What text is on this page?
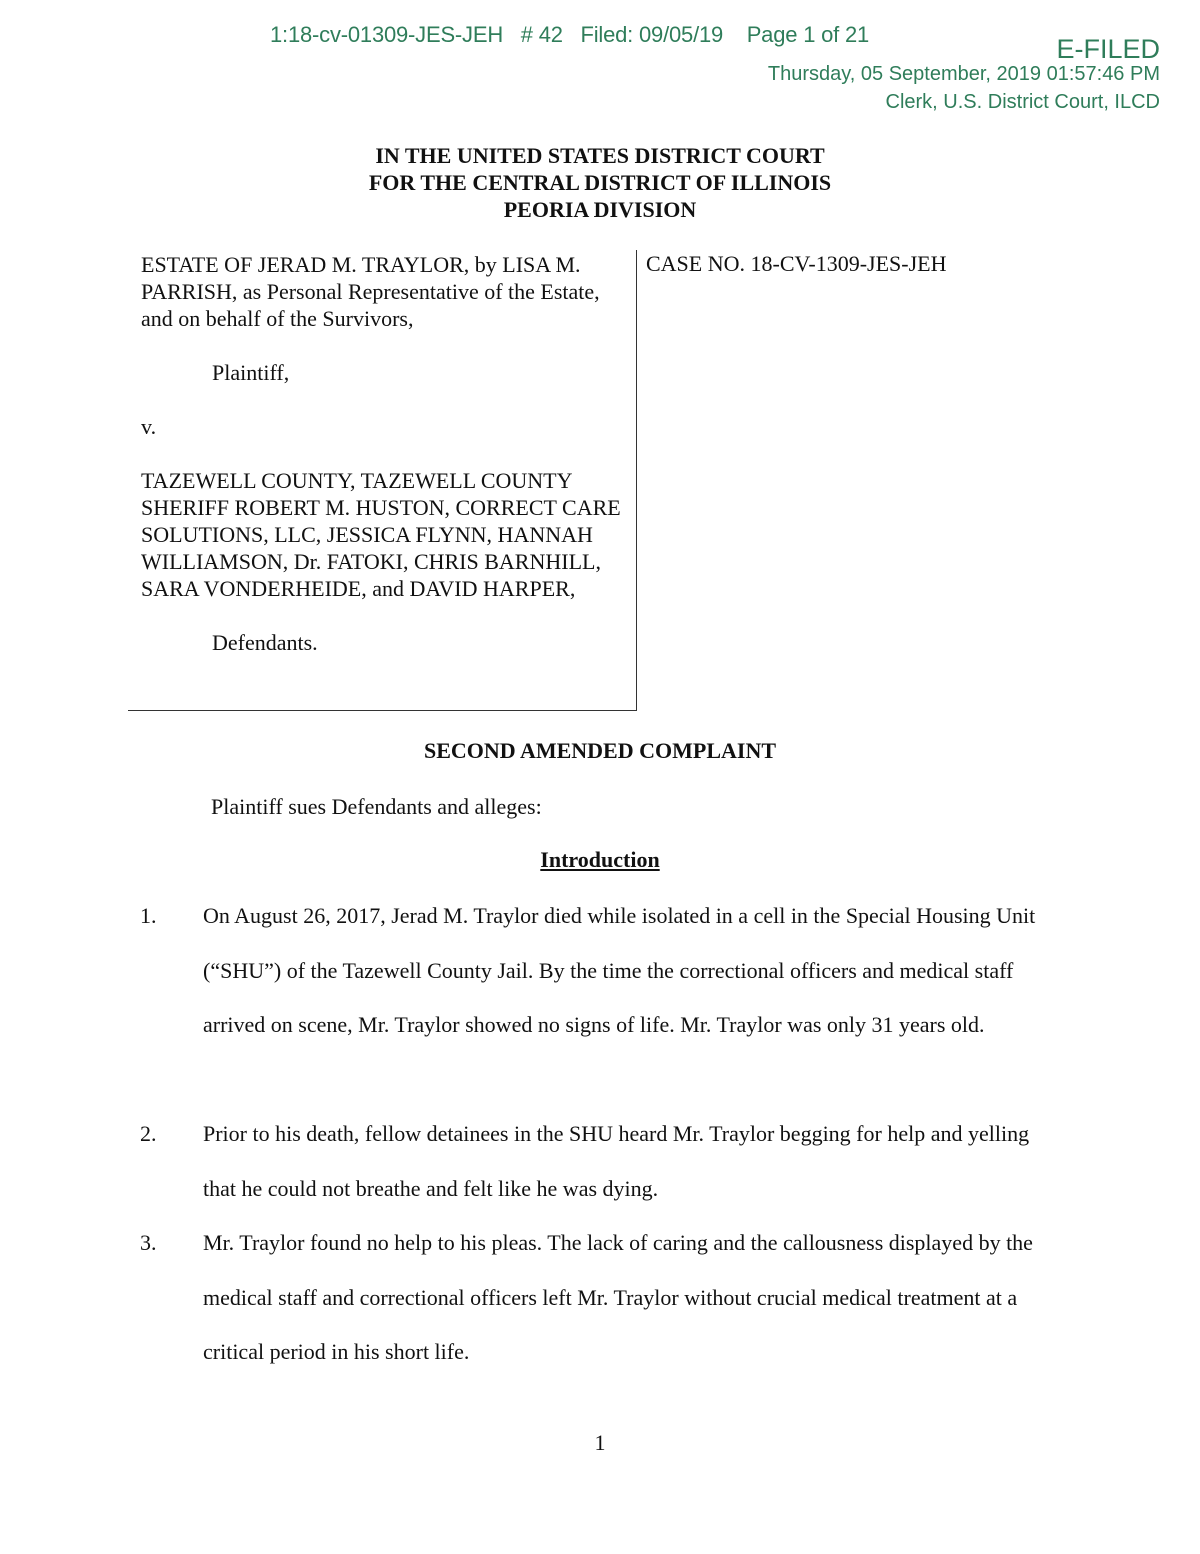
1:18-cv-01309-JES-JEH   # 42   Filed: 09/05/19    Page 1 of 21	E-FILED
Thursday, 05 September, 2019 01:57:46 PM
Clerk, U.S. District Court, ILCD
IN THE UNITED STATES DISTRICT COURT
FOR THE CENTRAL DISTRICT OF ILLINOIS
PEORIA DIVISION

ESTATE OF JERAD M. TRAYLOR, by LISA M. PARRISH, as Personal Representative of the Estate, and on behalf of the Survivors,

Plaintiff,

v.

TAZEWELL COUNTY, TAZEWELL COUNTY SHERIFF ROBERT M. HUSTON, CORRECT CARE SOLUTIONS, LLC, JESSICA FLYNN, HANNAH WILLIAMSON, Dr. FATOKI, CHRIS BARNHILL, SARA VONDERHEIDE, and DAVID HARPER,

Defendants.

CASE NO. 18-CV-1309-JES-JEH
SECOND AMENDED COMPLAINT
Plaintiff sues Defendants and alleges:
Introduction
1. On August 26, 2017, Jerad M. Traylor died while isolated in a cell in the Special Housing Unit (“SHU”) of the Tazewell County Jail. By the time the correctional officers and medical staff arrived on scene, Mr. Traylor showed no signs of life. Mr. Traylor was only 31 years old.
2. Prior to his death, fellow detainees in the SHU heard Mr. Traylor begging for help and yelling that he could not breathe and felt like he was dying.
3. Mr. Traylor found no help to his pleas. The lack of caring and the callousness displayed by the medical staff and correctional officers left Mr. Traylor without crucial medical treatment at a critical period in his short life.
1
